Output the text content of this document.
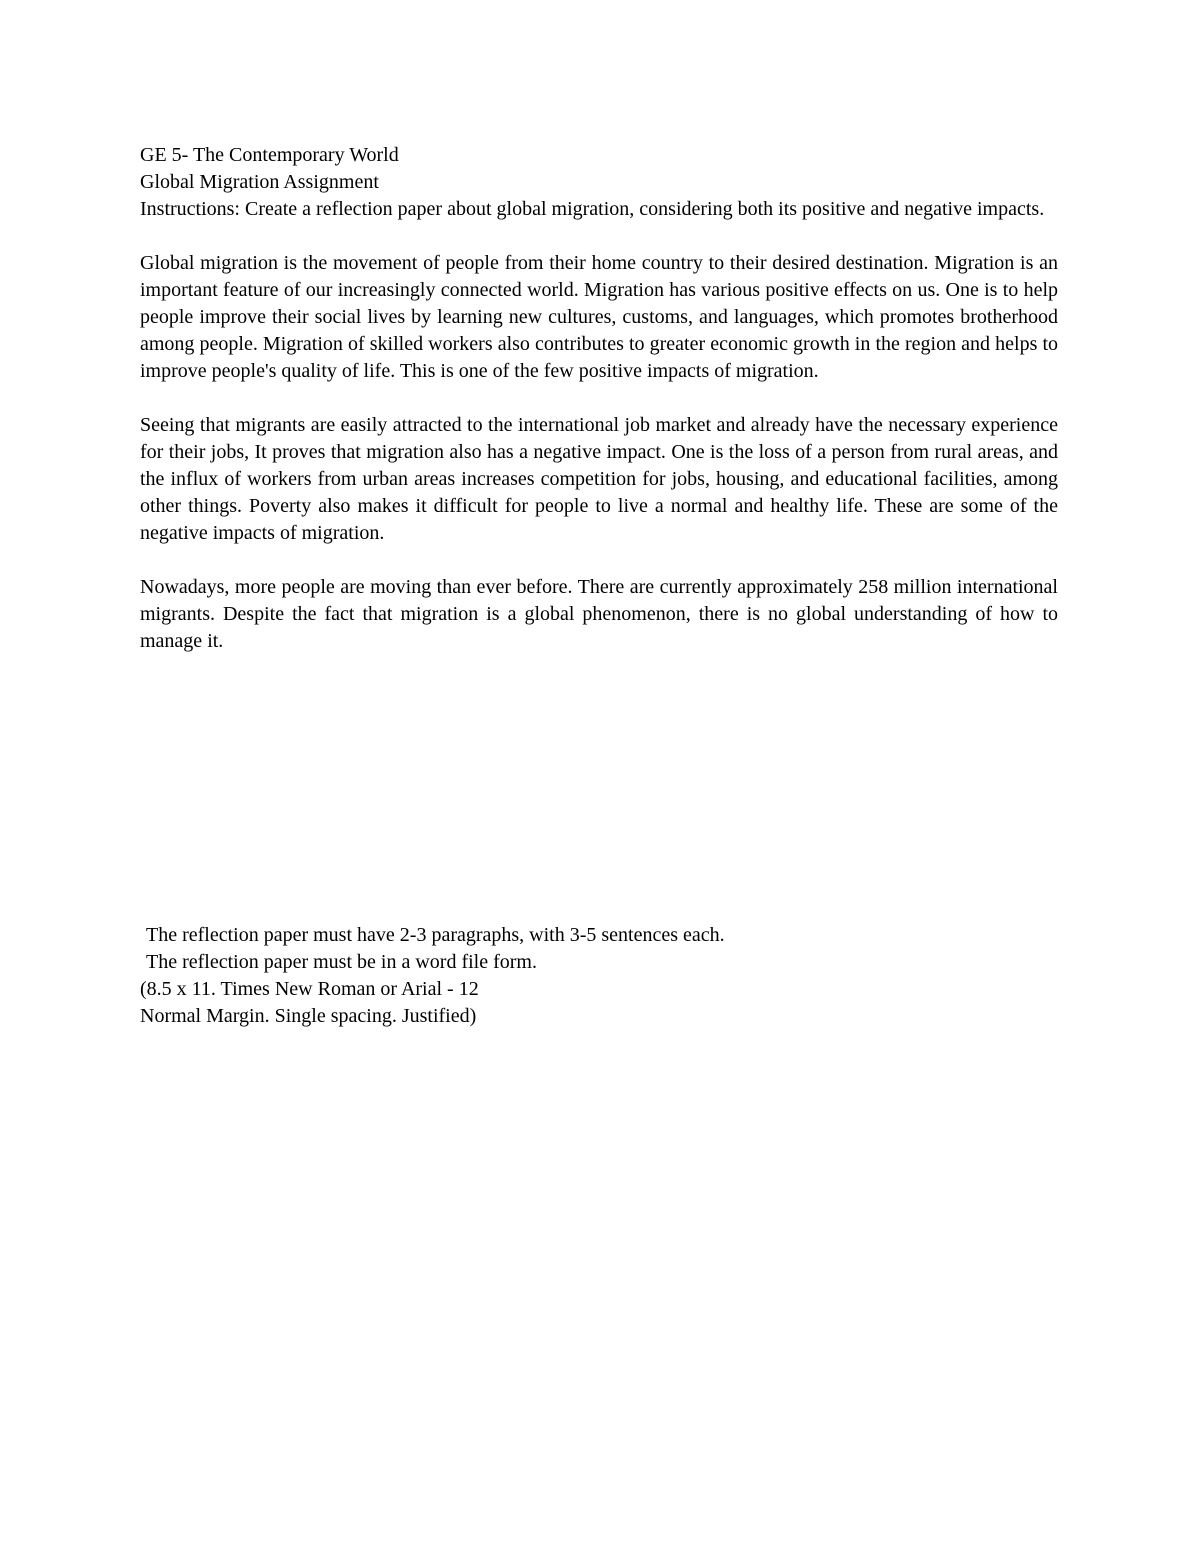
GE 5- The Contemporary World

Global Migration Assignment

Instructions: Create a reflection paper about global migration, considering both its positive and negative impacts.

Global migration is the movement of people from their home country to their desired destination. Migration is an important feature of our increasingly connected world. Migration has various positive effects on us. One is to help people improve their social lives by learning new cultures, customs, and languages, which promotes brotherhood among people. Migration of skilled workers also contributes to greater economic growth in the region and helps to improve people's quality of life. This is one of the few positive impacts of migration.

Seeing that migrants are easily attracted to the international job market and already have the necessary experience for their jobs, It proves that migration also has a negative impact. One is the loss of a person from rural areas, and the influx of workers from urban areas increases competition for jobs, housing, and educational facilities, among other things. Poverty also makes it difficult for people to live a normal and healthy life. These are some of the negative impacts of migration.

Nowadays, more people are moving than ever before. There are currently approximately 258 million international migrants. Despite the fact that migration is a global phenomenon, there is no global understanding of how to manage it.

The reflection paper must have 2-3 paragraphs, with 3-5 sentences each.

The reflection paper must be in a word file form.

(8.5 x 11. Times New Roman or Arial - 12

Normal Margin. Single spacing. Justified)
